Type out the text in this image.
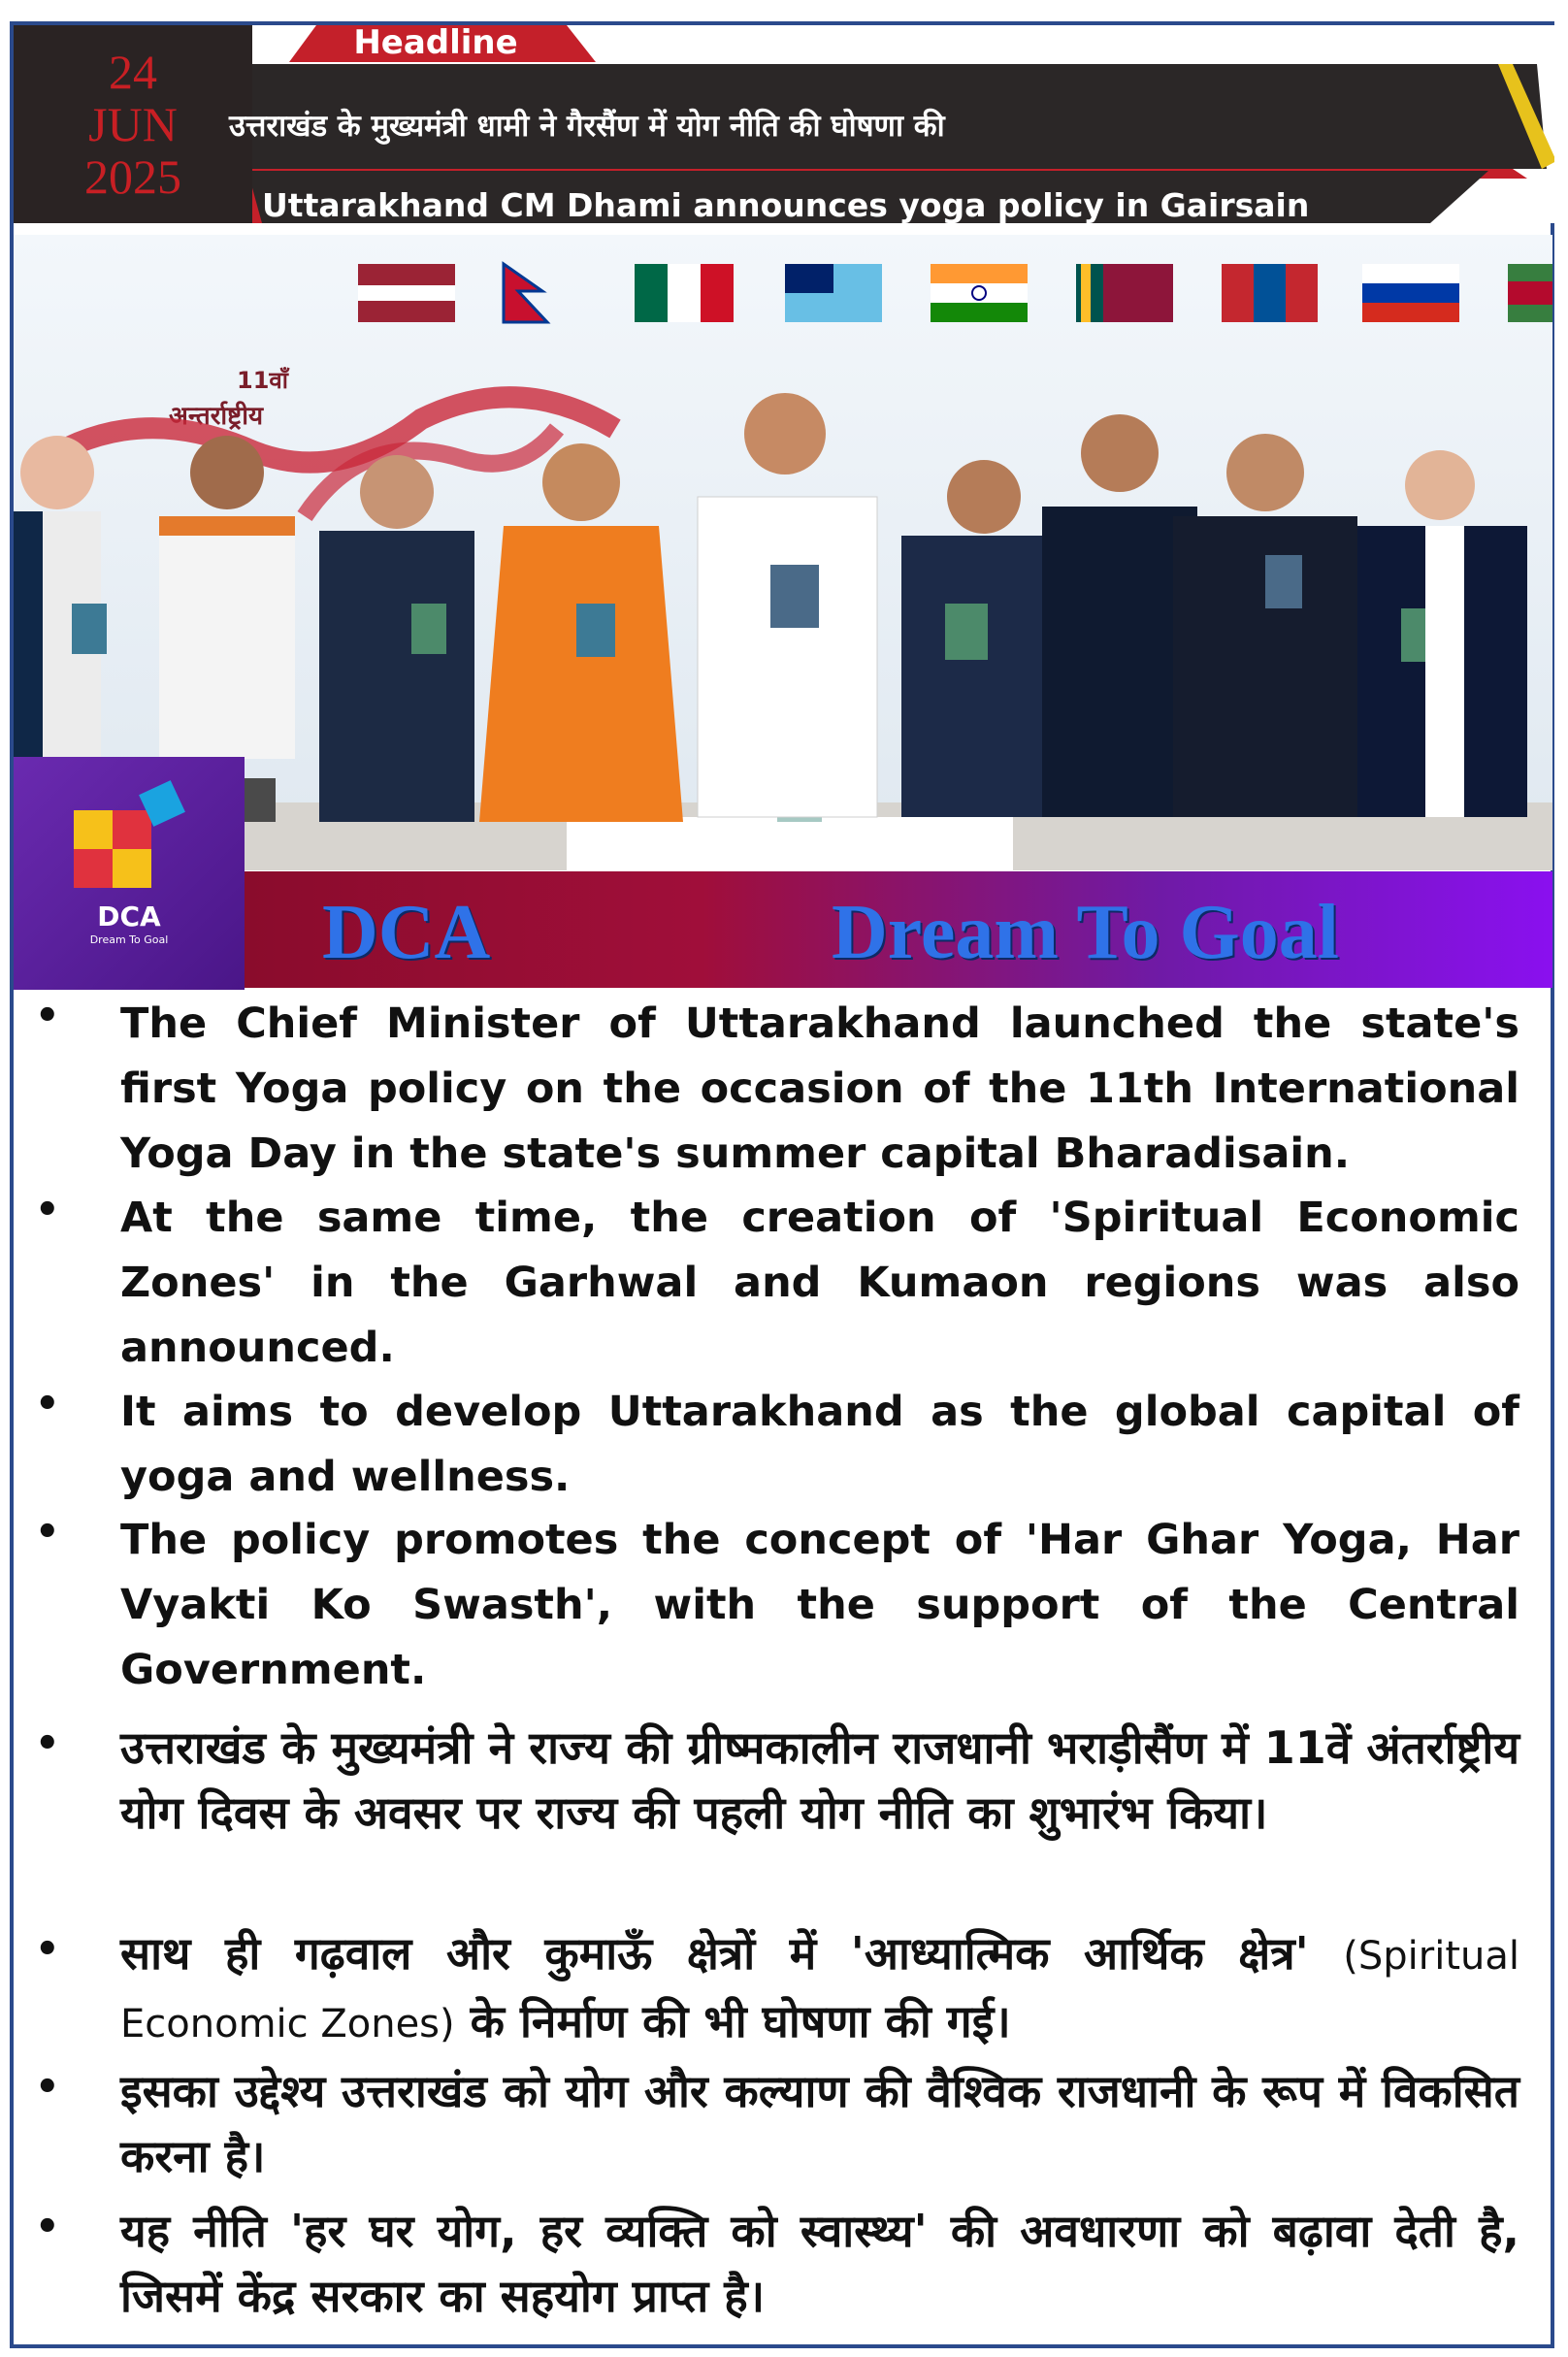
24
JUN
2025
Headline
उत्तराखंड के मुख्यमंत्री धामी ने गैरसैंण में योग नीति की घोषणा की
Uttarakhand CM Dhami announces yoga policy in Gairsain
11वाँ
अन्तर्राष्ट्रीय
DCA
Dream To Goal	DCA	Dream To Goal
•	The Chief Minister of Uttarakhand launched the state's first Yoga policy on the occasion of the 11th International Yoga Day in the state's summer capital Bharadisain.
•	At the same time, the creation of 'Spiritual Economic Zones' in the Garhwal and Kumaon regions was also announced.
•	It aims to develop Uttarakhand as the global capital of yoga and wellness.
•	The policy promotes the concept of 'Har Ghar Yoga, Har Vyakti Ko Swasth', with the support of the Central Government.
•	उत्तराखंड के मुख्यमंत्री ने राज्य की ग्रीष्मकालीन राजधानी भराड़ीसैंण में 11वें अंतर्राष्ट्रीय योग दिवस के अवसर पर राज्य की पहली योग नीति का शुभारंभ किया।
•	साथ ही गढ़वाल और कुमाऊँ क्षेत्रों में 'आध्यात्मिक आर्थिक क्षेत्र' (Spiritual Economic Zones) के निर्माण की भी घोषणा की गई।
•	इसका उद्देश्य उत्तराखंड को योग और कल्याण की वैश्विक राजधानी के रूप में विकसित करना है।
•	यह नीति 'हर घर योग, हर व्यक्ति को स्वास्थ्य' की अवधारणा को बढ़ावा देती है, जिसमें केंद्र सरकार का सहयोग प्राप्त है।
